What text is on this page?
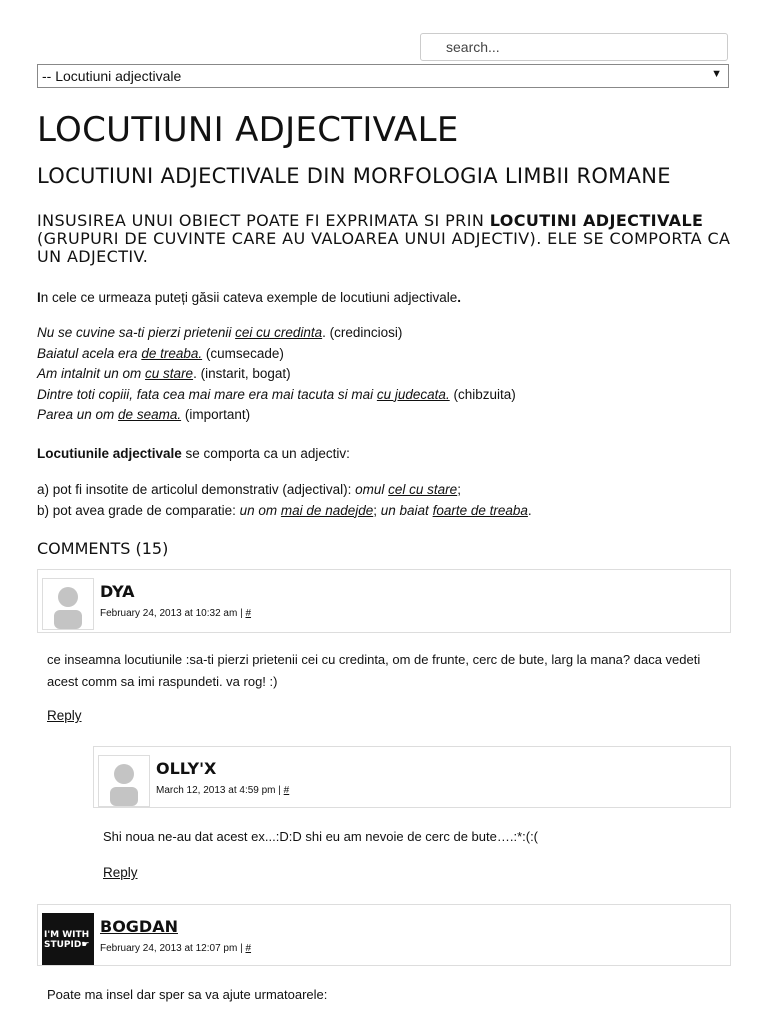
search...
-- Locutiuni adjectivale	▼
LOCUTIUNI ADJECTIVALE
LOCUTIUNI ADJECTIVALE DIN MORFOLOGIA LIMBII ROMANE
INSUSIREA UNUI OBIECT POATE FI EXPRIMATA SI PRIN LOCUTINI ADJECTIVALE (GRUPURI DE CUVINTE CARE AU VALOAREA UNUI ADJECTIV). ELE SE COMPORTA CA UN ADJECTIV.
In cele ce urmeaza puteți găsii cateva exemple de locutiuni adjectivale.
Nu se cuvine sa-ti pierzi prietenii cei cu credinta. (credinciosi)
Baiatul acela era de treaba. (cumsecade)
Am intalnit un om cu stare. (instarit, bogat)
Dintre toti copiii, fata cea mai mare era mai tacuta si mai cu judecata. (chibzuita)
Parea un om de seama. (important)
Locutiunile adjectivale se comporta ca un adjectiv:
a) pot fi insotite de articolul demonstrativ (adjectival): omul cel cu stare;
b) pot avea grade de comparatie: un om mai de nadejde; un baiat foarte de treaba.
COMMENTS (15)
DYA
February 24, 2013 at 10:32 am | #
ce inseamna locutiunile :sa-ti pierzi prietenii cei cu credinta, om de frunte, cerc de bute, larg la mana? daca vedeti acest comm sa imi raspundeti. va rog! :)
Reply
OLLY'X
March 12, 2013 at 4:59 pm | #
Shi noua ne-au dat acest ex...:D:D shi eu am nevoie de cerc de bute….:*:(:(
Reply
I'M WITH
STUPID☛
BOGDAN
February 24, 2013 at 12:07 pm | #
Poate ma insel dar sper sa va ajute urmatoarele:
